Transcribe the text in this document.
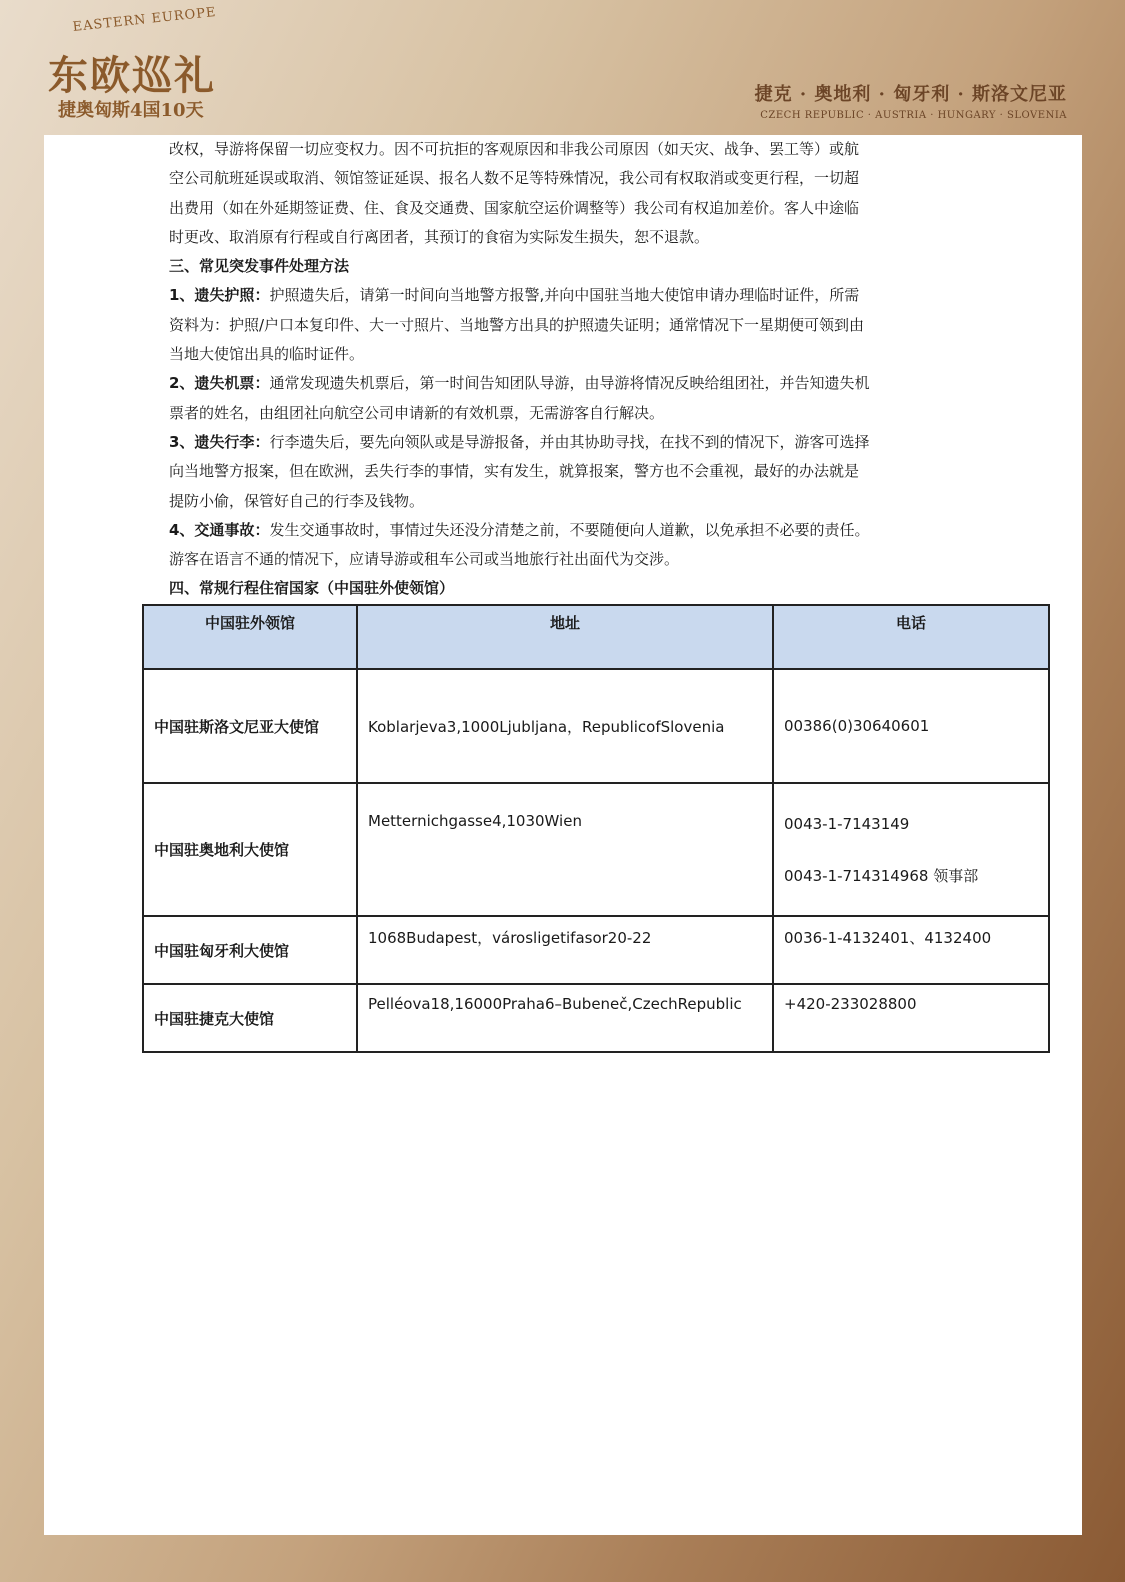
EASTERN EUROPE
东欧巡礼
捷奥匈斯4国10天
捷克 · 奥地利 · 匈牙利 · 斯洛文尼亚
CZECH REPUBLIC · AUSTRIA · HUNGARY · SLOVENIA

改权，导游将保留一切应变权力。因不可抗拒的客观原因和非我公司原因（如天灾、战争、罢工等）或航

空公司航班延误或取消、领馆签证延误、报名人数不足等特殊情况，我公司有权取消或变更行程，一切超

出费用（如在外延期签证费、住、食及交通费、国家航空运价调整等）我公司有权追加差价。客人中途临

时更改、取消原有行程或自行离团者，其预订的食宿为实际发生损失，恕不退款。

三、常见突发事件处理方法

1、遗失护照：护照遗失后，请第一时间向当地警方报警,并向中国驻当地大使馆申请办理临时证件，所需

资料为：护照/户口本复印件、大一寸照片、当地警方出具的护照遗失证明；通常情况下一星期便可领到由

当地大使馆出具的临时证件。

2、遗失机票：通常发现遗失机票后，第一时间告知团队导游，由导游将情况反映给组团社，并告知遗失机

票者的姓名，由组团社向航空公司申请新的有效机票，无需游客自行解决。

3、遗失行李：行李遗失后，要先向领队或是导游报备，并由其协助寻找，在找不到的情况下，游客可选择

向当地警方报案，但在欧洲，丢失行李的事情，实有发生，就算报案，警方也不会重视，最好的办法就是

提防小偷，保管好自己的行李及钱物。

4、交通事故：发生交通事故时，事情过失还没分清楚之前，不要随便向人道歉，以免承担不必要的责任。

游客在语言不通的情况下，应请导游或租车公司或当地旅行社出面代为交涉。

四、常规行程住宿国家（中国驻外使领馆）
中国驻外领馆	地址	电话
中国驻斯洛文尼亚大使馆	Koblarjeva3,1000Ljubljana，RepublicofSlovenia	00386(0)30640601
中国驻奥地利大使馆	Metternichgasse4,1030Wien	0043-1-7143149
0043-1-714314968 领事部

中国驻匈牙利大使馆	1068Budapest，városligetifasor20-22	0036-1-4132401、4132400
中国驻捷克大使馆	Pelléova18,16000Praha6–Bubeneč,CzechRepublic	+420-233028800
